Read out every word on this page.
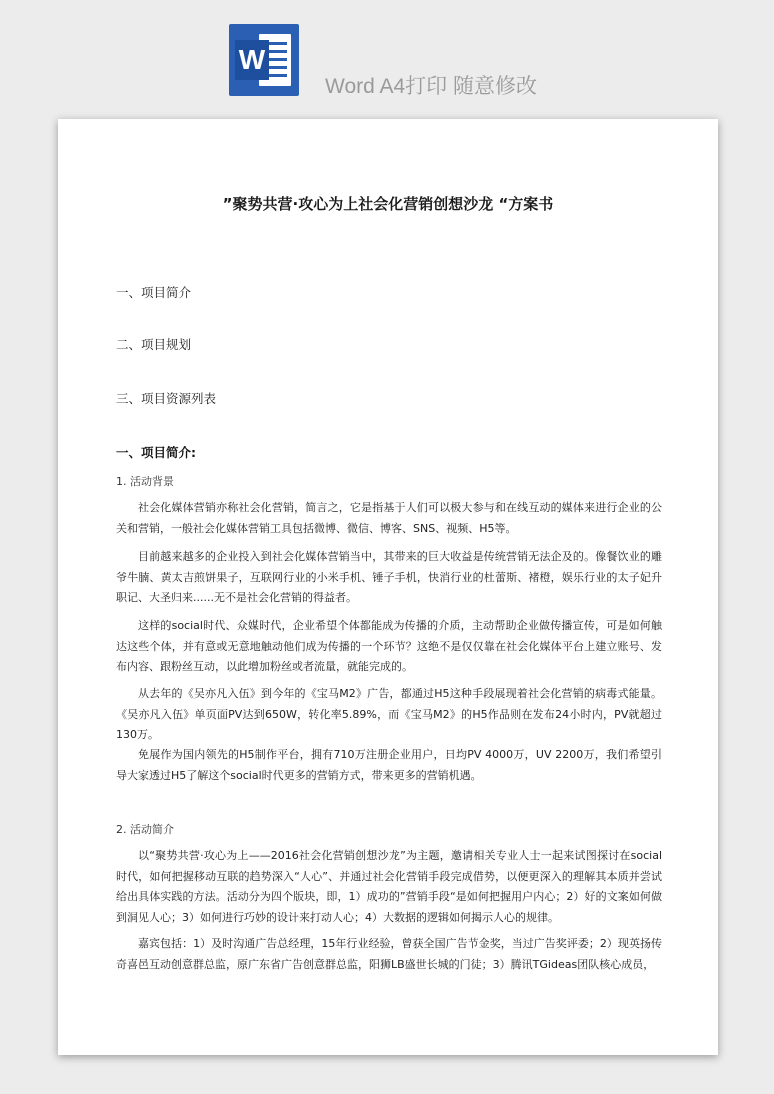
W
Word A4打印 随意修改
”聚势共营·攻心为上社会化营销创想沙龙 “方案书
一、项目简介
二、项目规划
三、项目资源列表
一、项目简介:
1. 活动背景
社会化媒体营销亦称社会化营销，简言之，它是指基于人们可以极大参与和在线互动的媒体来进行企业的公关和营销，一般社会化媒体营销工具包括微博、微信、博客、SNS、视频、H5等。
目前越来越多的企业投入到社会化媒体营销当中，其带来的巨大收益是传统营销无法企及的。像餐饮业的雕爷牛腩、黄太吉煎饼果子，互联网行业的小米手机、锤子手机，快消行业的杜蕾斯、褚橙，娱乐行业的太子妃升职记、大圣归来......无不是社会化营销的得益者。
这样的social时代、众媒时代，企业希望个体都能成为传播的介质，主动帮助企业做传播宣传，可是如何触达这些个体，并有意或无意地触动他们成为传播的一个环节？这绝不是仅仅靠在社会化媒体平台上建立账号、发布内容、跟粉丝互动，以此增加粉丝或者流量，就能完成的。
从去年的《吴亦凡入伍》到今年的《宝马M2》广告，都通过H5这种手段展现着社会化营销的病毒式能量。《吴亦凡入伍》单页面PV达到650W，转化率5.89%，而《宝马M2》的H5作品则在发布24小时内，PV就超过130万。
免展作为国内领先的H5制作平台，拥有710万注册企业用户，日均PV 4000万，UV 2200万，我们希望引导大家透过H5了解这个social时代更多的营销方式，带来更多的营销机遇。
2. 活动简介
以“聚势共营·攻心为上——2016社会化营销创想沙龙”为主题，邀请相关专业人士一起来试图探讨在social时代，如何把握移动互联的趋势深入“人心”、并通过社会化营销手段完成借势，以便更深入的理解其本质并尝试给出具体实践的方法。活动分为四个版块，即，1）成功的”营销手段“是如何把握用户内心；2）好的文案如何做到洞见人心；3）如何进行巧妙的设计来打动人心；4）大数据的逻辑如何揭示人心的规律。
嘉宾包括：1）及时沟通广告总经理，15年行业经验，曾获全国广告节金奖，当过广告奖评委；2）现英扬传奇喜邑互动创意群总监，原广东省广告创意群总监，阳狮LB盛世长城的门徒；3）腾讯TGideas团队核心成员，
